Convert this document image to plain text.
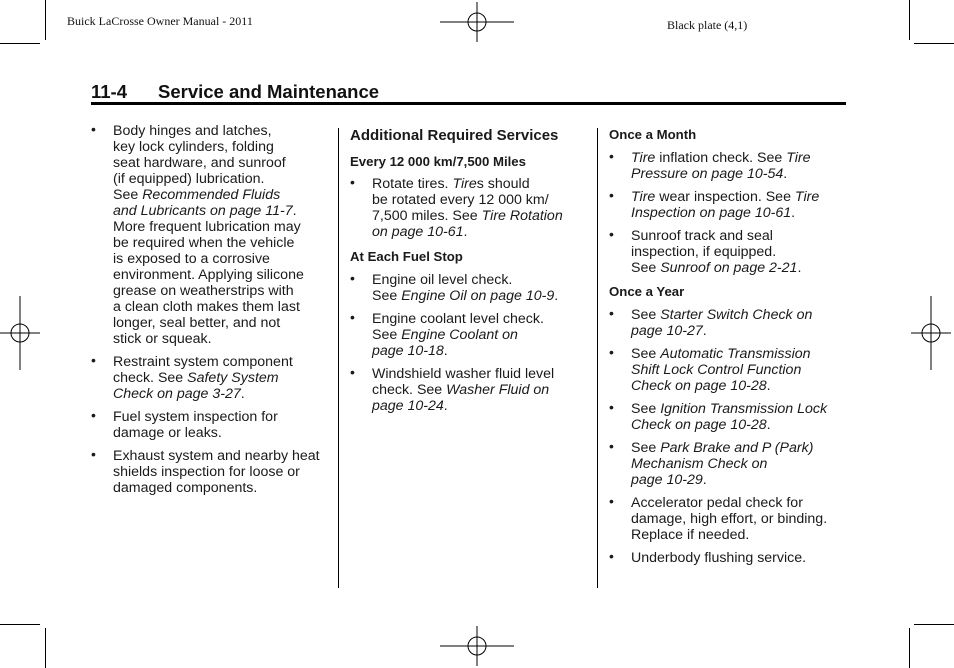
Buick LaCrosse Owner Manual - 2011	Black plate (4,1)
11-4 Service and Maintenance
• Body hinges and latches,
key lock cylinders, folding
seat hardware, and sunroof
(if equipped) lubrication.
See Recommended Fluids
and Lubricants on page 11-7.
More frequent lubrication may
be required when the vehicle
is exposed to a corrosive
environment. Applying silicone
grease on weatherstrips with
a clean cloth makes them last
longer, seal better, and not
stick or squeak.
• Restraint system component
check. See Safety System
Check on page 3-27.
• Fuel system inspection for
damage or leaks.
• Exhaust system and nearby heat
shields inspection for loose or
damaged components.
Additional Required Services
Every 12 000 km/7,500 Miles
• Rotate tires. Tires should
be rotated every 12 000 km/
7,500 miles. See Tire Rotation
on page 10-61.
At Each Fuel Stop
• Engine oil level check.
See Engine Oil on page 10-9.
• Engine coolant level check.
See Engine Coolant on
page 10-18.
• Windshield washer fluid level
check. See Washer Fluid on
page 10-24.
Once a Month
• Tire inflation check. See Tire
Pressure on page 10-54.
• Tire wear inspection. See Tire
Inspection on page 10-61.
• Sunroof track and seal
inspection, if equipped.
See Sunroof on page 2-21.
Once a Year
• See Starter Switch Check on
page 10-27.
• See Automatic Transmission
Shift Lock Control Function
Check on page 10-28.
• See Ignition Transmission Lock
Check on page 10-28.
• See Park Brake and P (Park)
Mechanism Check on
page 10-29.
• Accelerator pedal check for
damage, high effort, or binding.
Replace if needed.
• Underbody flushing service.
